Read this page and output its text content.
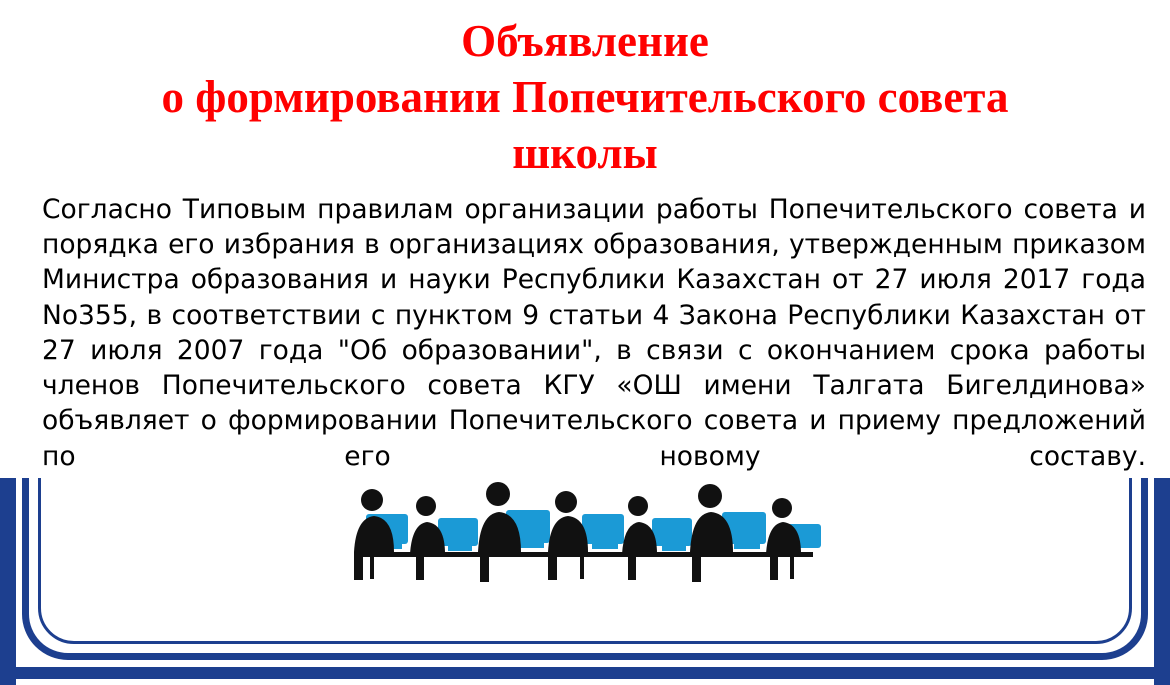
Объявление
о формировании Попечительского совета
школы

Согласно Типовым правилам организации работы Попечительского совета и порядка его избрания в организациях образования, утвержденным приказом Министра образования и науки Республики Казахстан от 27 июля 2017 года No355, в соответствии с пунктом 9 статьи 4 Закона Республики Казахстан от 27 июля 2007 года "Об образовании", в связи с окончанием срока работы членов Попечительского совета КГУ «ОШ имени Талгата Бигелдинова» объявляет о формировании Попечительского совета и приему предложений по его новому составу.
